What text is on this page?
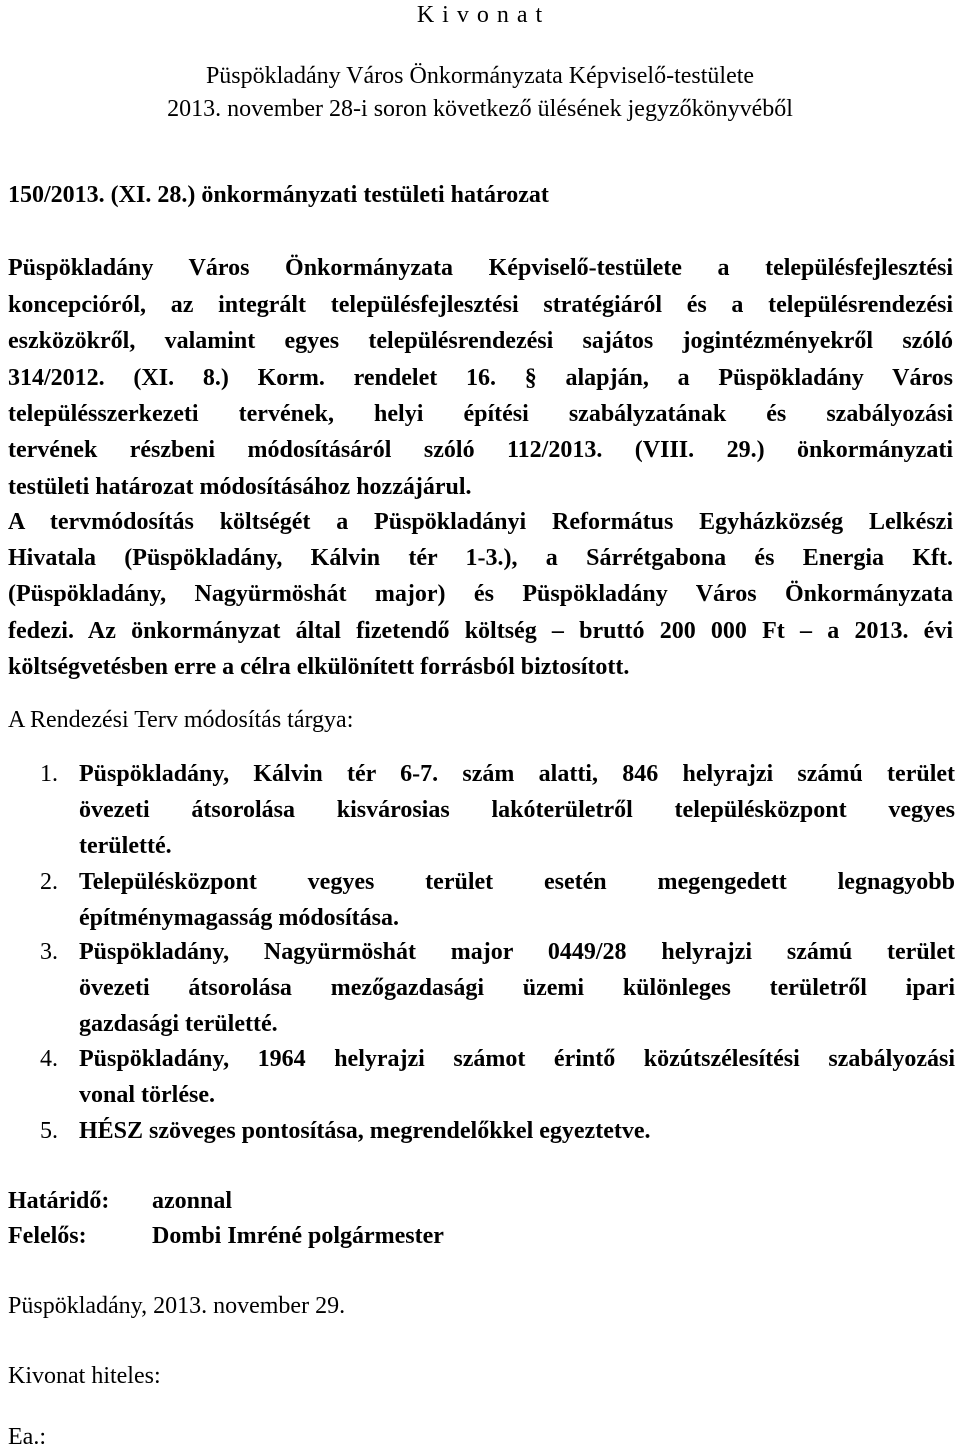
K i v o n a t
Püspökladány Város Önkormányzata Képviselő-testülete
2013. november 28-i soron következő ülésének jegyzőkönyvéből
150/2013. (XI. 28.) önkormányzati testületi határozat
Püspökladány Város Önkormányzata Képviselő-testülete a településfejlesztési
koncepcióról, az integrált településfejlesztési stratégiáról és a településrendezési
eszközökről, valamint egyes településrendezési sajátos jogintézményekről szóló
314/2012. (XI. 8.) Korm. rendelet 16. § alapján, a Püspökladány Város
településszerkezeti tervének, helyi építési szabályzatának és szabályozási
tervének részbeni módosításáról szóló 112/2013. (VIII. 29.) önkormányzati
testületi határozat módosításához hozzájárul.
A tervmódosítás költségét a Püspökladányi Református Egyházközség Lelkészi
Hivatala (Püspökladány, Kálvin tér 1-3.), a Sárrétgabona és Energia Kft.
(Püspökladány, Nagyürmöshát major) és Püspökladány Város Önkormányzata
fedezi. Az önkormányzat által fizetendő költség – bruttó 200 000 Ft – a 2013. évi
költségvetésben erre a célra elkülönített forrásból biztosított.
A Rendezési Terv módosítás tárgya:
1. Püspökladány, Kálvin tér 6-7. szám alatti, 846 helyrajzi számú terület
övezeti átsorolása kisvárosias lakóterületről településközpont vegyes
területté.
2. Településközpont vegyes terület esetén megengedett legnagyobb
építménymagasság módosítása.
3. Püspökladány, Nagyürmöshát major 0449/28 helyrajzi számú terület
övezeti átsorolása mezőgazdasági üzemi különleges területről ipari
gazdasági területté.
4. Püspökladány, 1964 helyrajzi számot érintő közútszélesítési szabályozási
vonal törlése.
5. HÉSZ szöveges pontosítása, megrendelőkkel egyeztetve.
Határidő: azonnal
Felelős:	Dombi Imréné polgármester
Püspökladány, 2013. november 29.
Kivonat hiteles:
Ea.:
